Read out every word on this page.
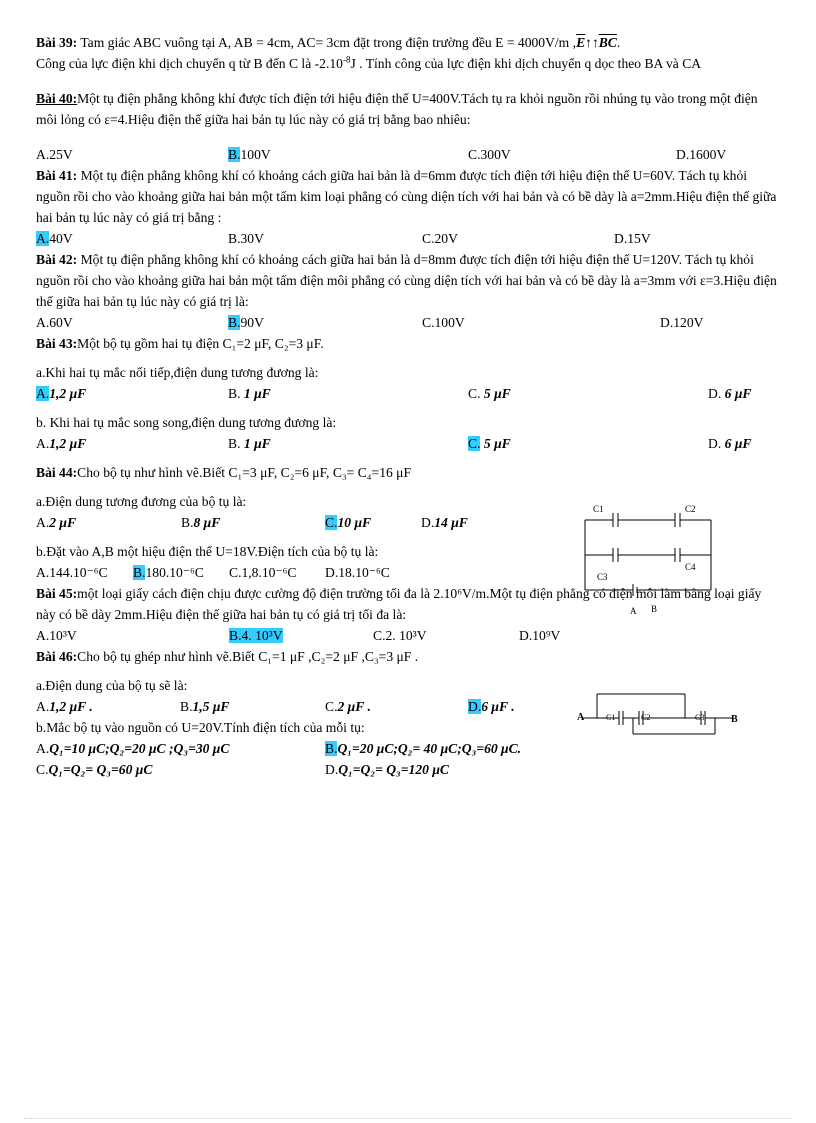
Bài 39: Tam giác ABC vuông tại A, AB = 4cm, AC= 3cm đặt trong điện trường đều E = 4000V/m $,\overline{E}↑↑\overline{BC}$.
Công của lực điện khi dịch chuyển q từ B đến C là $-2.10^{-8}J$ . Tính công của lực điện khi dịch chuyển q dọc theo BA và CA

Bài 40:Một tụ điện phẳng không khí được tích điện tới hiệu điện thế U=400V.Tách tụ ra khỏi nguồn rồi nhúng tụ vào trong một điện môi lỏng có ε=4.Hiệu điện thế giữa hai bản tụ lúc này có giá trị bằng bao nhiêu:

A.25V	B.100V	C.300V	D.1600V

Bài 41: Một tụ điện phẳng không khí có khoảng cách giữa hai bản là d=6mm được tích điện tới hiệu điện thế U=60V. Tách tụ khỏi nguồn rồi cho vào khoảng giữa hai bản một tấm kim loại phẳng có cùng diện tích với hai bản và có bề dày là a=2mm.Hiệu điện thế giữa hai bản tụ lúc này có giá trị bằng :

A.40V	B.30V	C.20V	D.15V

Bài 42: Một tụ điện phẳng không khí có khoảng cách giữa hai bản là d=8mm được tích điện tới hiệu điện thế U=120V. Tách tụ khỏi nguồn rồi cho vào khoảng giữa hai bản một tấm điện môi phẳng có cùng diện tích với hai bản và có bề dày là a=3mm với ε=3.Hiệu điện thế giữa hai bản tụ lúc này có giá trị là:

A.60V	B.90V	C.100V	D.120V

Bài 43:Một bộ tụ gồm hai tụ điện C₁=2 μF, C₂=3 μF.

a.Khi hai tụ mắc nối tiếp,điện dung tương đương là:

A.1,2 μF	B. 1 μF	C. 5 μF	D. 6 μF

b. Khi hai tụ mắc song song,điện dung tương đương là:

A.1,2 μF	B. 1 μF	C. 5 μF	D. 6 μF

Bài 44:Cho bộ tụ như hình vẽ.Biết C₁=3 μF, C₂=6 μF, C₃= C₄=16 μF

a.Điện dung tương đương của bộ tụ là:

A.2 μF	B.8 μF	C.10 μF	D.14 μF

b.Đặt vào A,B một hiệu điện thế U=18V.Điện tích của bộ tụ là:

A.144.10⁻⁶C	B.180.10⁻⁶C	C.1,8.10⁻⁶C	D.18.10⁻⁶C

Bài 45:một loại giấy cách điện chịu được cường độ điện trường tối đa là 2.10⁶V/m.Một tụ điện phẳng có điện môi làm bằng loại giấy này có bề dày 2mm.Hiệu điện thế giữa hai bản tụ có giá trị tối đa là:

A.10³V	B.4. 10³V	C.2. 10³V	D.10⁹V

Bài 46:Cho bộ tụ ghép như hình vẽ.Biết C₁=1 μF ,C₂=2 μF ,C₃=3 μF .

a.Điện dung của bộ tụ sẽ là:

A.1,2 μF .	B.1,5 μF	C.2 μF .	D.6 μF .

b.Mắc bộ tụ vào nguồn có U=20V.Tính điện tích của mỗi tụ:

A.Q₁=10 μC;Q₂=20 μC ;Q₃=30 μC	B.Q₁=20 μC;Q₂= 40 μC;Q₃=60 μC.
C.Q₁=Q₂= Q₃=60 μC	D.Q₁=Q₂= Q₃=120 μC
C1	C2
C3
C4
A B
A	B
C1	C2	C3
